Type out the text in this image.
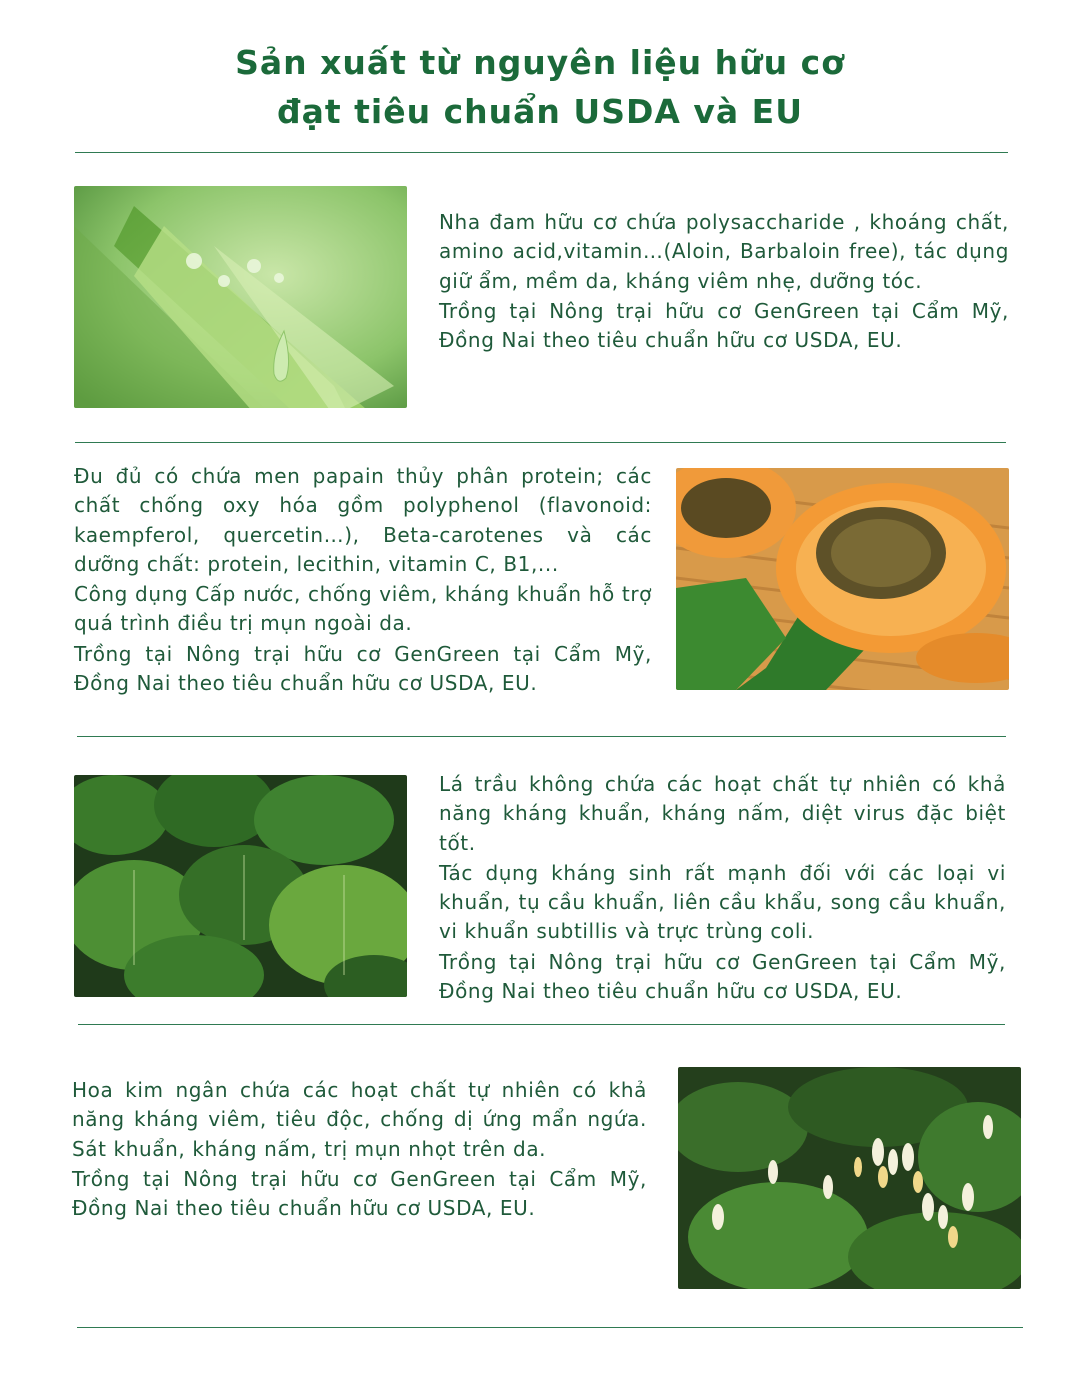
Sản xuất từ nguyên liệu hữu cơ
đạt tiêu chuẩn USDA và EU

Nha đam hữu cơ chứa polysaccharide , khoáng chất, amino acid,vitamin…(Aloin, Barbaloin free), tác dụng giữ ẩm, mềm da, kháng viêm nhẹ, dưỡng tóc.

Trồng tại Nông trại hữu cơ GenGreen tại Cẩm Mỹ, Đồng Nai theo tiêu chuẩn hữu cơ USDA, EU.

Đu đủ có chứa men papain thủy phân protein; các chất chống oxy hóa gồm polyphenol (flavonoid: kaempferol, quercetin…), Beta-carotenes và các dưỡng chất: protein, lecithin, vitamin C, B1,...

Công dụng Cấp nước, chống viêm, kháng khuẩn hỗ trợ quá trình điều trị mụn ngoài da.

Trồng tại Nông trại hữu cơ GenGreen tại Cẩm Mỹ, Đồng Nai theo tiêu chuẩn hữu cơ USDA, EU.

Lá trầu không chứa các hoạt chất tự nhiên có khả năng kháng khuẩn, kháng nấm, diệt virus đặc biệt tốt.

Tác dụng kháng sinh rất mạnh đối với các loại vi khuẩn, tụ cầu khuẩn, liên cầu khẩu, song cầu khuẩn, vi khuẩn subtillis và trực trùng coli.

Trồng tại Nông trại hữu cơ GenGreen tại Cẩm Mỹ, Đồng Nai theo tiêu chuẩn hữu cơ USDA, EU.

Hoa kim ngân chứa các hoạt chất tự nhiên có khả năng kháng viêm, tiêu độc, chống dị ứng mẩn ngứa. Sát khuẩn, kháng nấm, trị mụn nhọt trên da.

Trồng tại Nông trại hữu cơ GenGreen tại Cẩm Mỹ, Đồng Nai theo tiêu chuẩn hữu cơ USDA, EU.
